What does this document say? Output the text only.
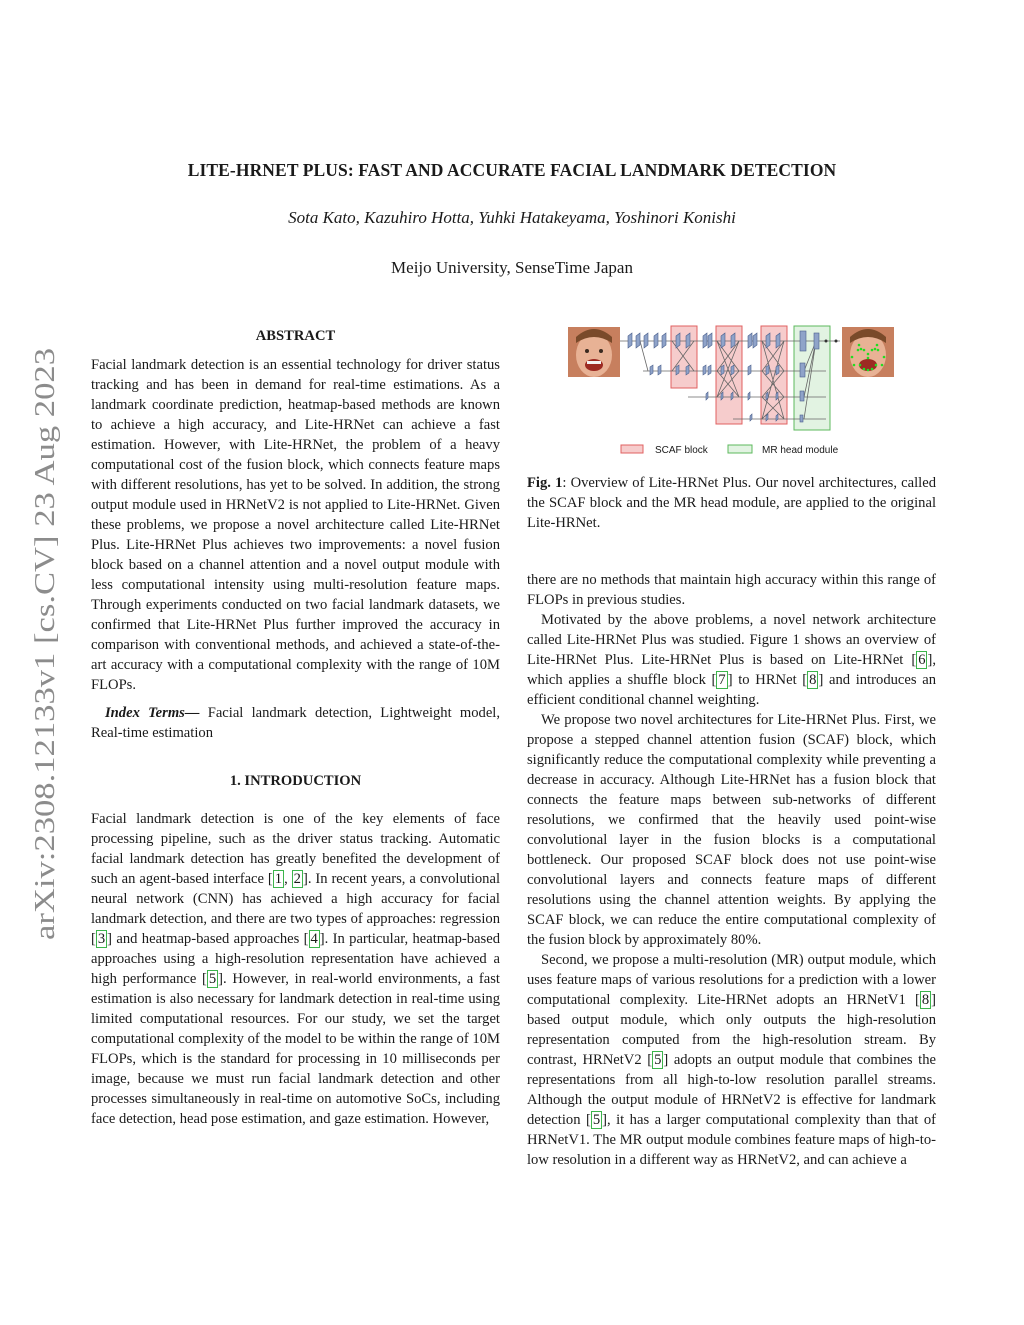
LITE-HRNET PLUS: FAST AND ACCURATE FACIAL LANDMARK DETECTION
Sota Kato, Kazuhiro Hotta, Yuhki Hatakeyama, Yoshinori Konishi
Meijo University, SenseTime Japan
arXiv:2308.12133v1 [cs.CV] 23 Aug 2023
ABSTRACT

Facial landmark detection is an essential technology for driver status tracking and has been in demand for real-time estimations. As a landmark coordinate prediction, heatmap-based methods are known to achieve a high accuracy, and Lite-HRNet can achieve a fast estimation. However, with Lite-HRNet, the problem of a heavy computational cost of the fusion block, which connects feature maps with different resolutions, has yet to be solved. In addition, the strong output module used in HRNetV2 is not applied to Lite-HRNet. Given these problems, we propose a novel architecture called Lite-HRNet Plus. Lite-HRNet Plus achieves two improvements: a novel fusion block based on a channel attention and a novel output module with less computational intensity using multi-resolution feature maps. Through experiments conducted on two facial landmark datasets, we confirmed that Lite-HRNet Plus further improved the accuracy in comparison with conventional methods, and achieved a state-of-the-art accuracy with a computational complexity with the range of 10M FLOPs.

Index Terms— Facial landmark detection, Lightweight model, Real-time estimation

1. INTRODUCTION

Facial landmark detection is one of the key elements of face processing pipeline, such as the driver status tracking. Automatic facial landmark detection has greatly benefited the development of such an agent-based interface [ 1 , 2 ]. In recent years, a convolutional neural network (CNN) has achieved a high accuracy for facial landmark detection, and there are two types of approaches: regression [ 3 ] and heatmap-based approaches [ 4 ]. In particular, heatmap-based approaches using a high-resolution representation have achieved a high performance [ 5 ]. However, in real-world environments, a fast estimation is also necessary for landmark detection in real-time using limited computational resources. For our study, we set the target computational complexity of the model to be within the range of 10M FLOPs, which is the standard for processing in 10 milliseconds per image, because we must run facial landmark detection and other processes simultaneously in real-time on automotive SoCs, including face detection, head pose estimation, and gaze estimation. However,

SCAF block	MR head module
Fig. 1: Overview of Lite-HRNet Plus. Our novel architectures, called the SCAF block and the MR head module, are applied to the original Lite-HRNet.

there are no methods that maintain high accuracy within this range of FLOPs in previous studies.

Motivated by the above problems, a novel network architecture called Lite-HRNet Plus was studied. Figure 1 shows an overview of Lite-HRNet Plus. Lite-HRNet Plus is based on Lite-HRNet [ 6 ], which applies a shuffle block [ 7 ] to HRNet [ 8 ] and introduces an efficient conditional channel weighting.

We propose two novel architectures for Lite-HRNet Plus. First, we propose a stepped channel attention fusion (SCAF) block, which significantly reduce the computational complexity while preventing a decrease in accuracy. Although Lite-HRNet has a fusion block that connects the feature maps between sub-networks of different resolutions, we confirmed that the heavily used point-wise convolutional layer in the fusion blocks is a computational bottleneck. Our proposed SCAF block does not use point-wise convolutional layers and connects feature maps of different resolutions using the channel attention weights. By applying the SCAF block, we can reduce the entire computational complexity of the fusion block by approximately 80%.

Second, we propose a multi-resolution (MR) output module, which uses feature maps of various resolutions for a prediction with a lower computational complexity. Lite-HRNet adopts an HRNetV1 [ 8 ] based output module, which only outputs the high-resolution representation computed from the high-resolution stream. By contrast, HRNetV2 [ 5 ] adopts an output module that combines the representations from all high-to-low resolution parallel streams. Although the output module of HRNetV2 is effective for landmark detection [ 5 ], it has a larger computational complexity than that of HRNetV1. The MR output module combines feature maps of high-to-low resolution in a different way as HRNetV2, and can achieve a
